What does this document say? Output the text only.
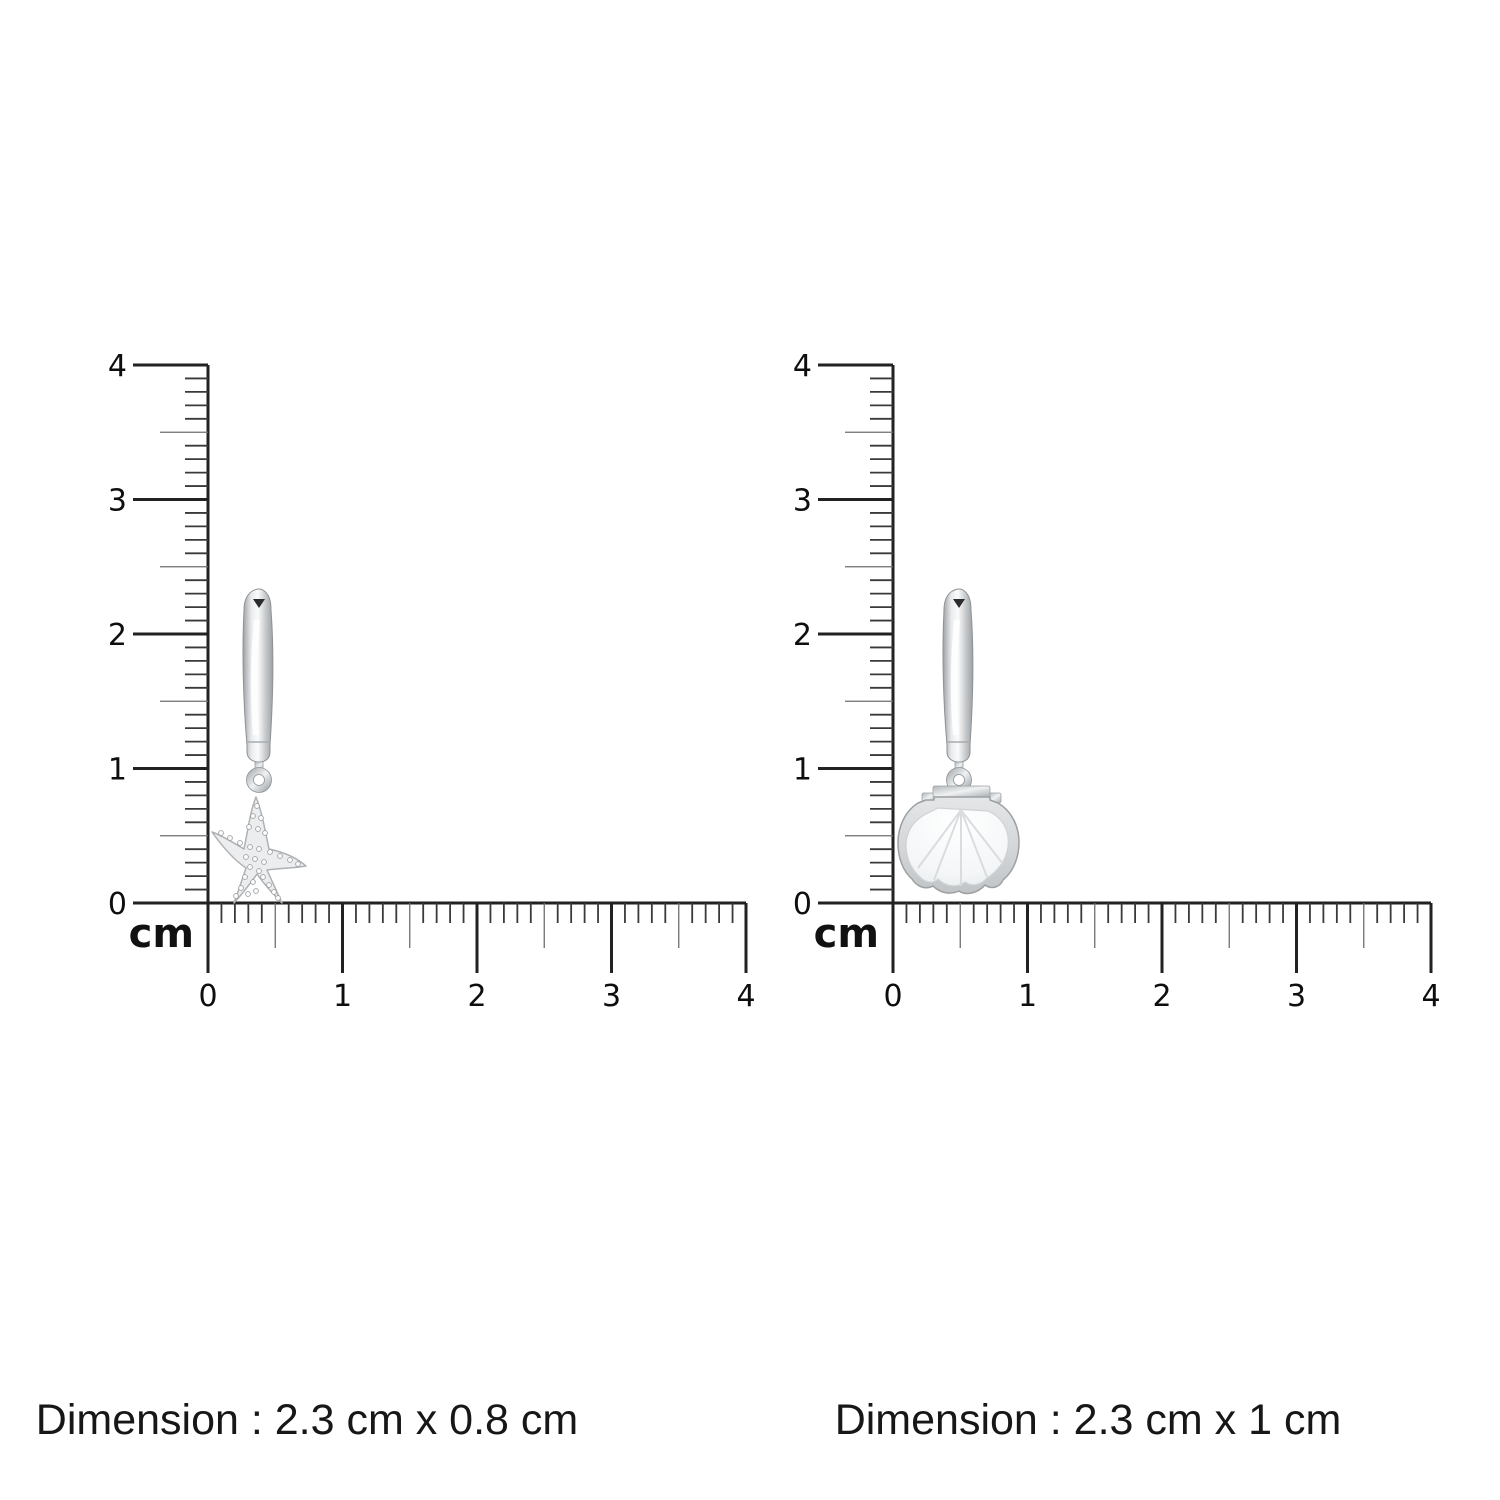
0
0
1
1
2
2
3
3
4
4
cm
0
0
1
1
2
2
3
3
4
4
cm
Dimension : 2.3 cm x 0.8 cm	Dimension : 2.3 cm x 1 cm
